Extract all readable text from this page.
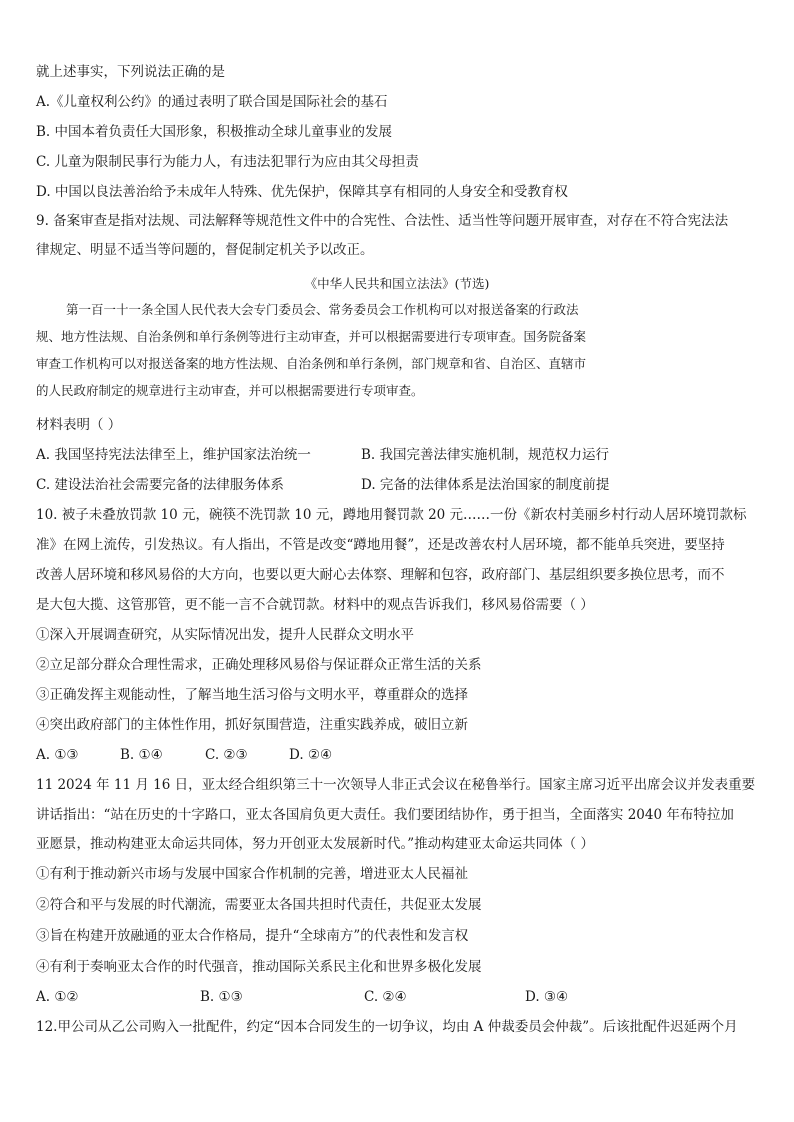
就上述事实，下列说法正确的是
A.《儿童权利公约》的通过表明了联合国是国际社会的基石
B. 中国本着负责任大国形象，积极推动全球儿童事业的发展
C. 儿童为限制民事行为能力人，有违法犯罪行为应由其父母担责
D. 中国以良法善治给予未成年人特殊、优先保护，保障其享有相同的人身安全和受教育权
9. 备案审查是指对法规、司法解释等规范性文件中的合宪性、合法性、适当性等问题开展审查，对存在不符合宪法法
律规定、明显不适当等问题的，督促制定机关予以改正。
《中华人民共和国立法法》(节选)
第一百一十一条全国人民代表大会专门委员会、常务委员会工作机构可以对报送备案的行政法
规、地方性法规、自治条例和单行条例等进行主动审查，并可以根据需要进行专项审查。国务院备案
审查工作机构可以对报送备案的地方性法规、自治条例和单行条例，部门规章和省、自治区、直辖市
的人民政府制定的规章进行主动审查，并可以根据需要进行专项审查。
材料表明（ ）
A. 我国坚持宪法法律至上，维护国家法治统一	B. 我国完善法律实施机制，规范权力运行
C. 建设法治社会需要完备的法律服务体系	D. 完备的法律体系是法治国家的制度前提
10. 被子未叠放罚款 10 元，碗筷不洗罚款 10 元，蹲地用餐罚款 20 元……一份《新农村美丽乡村行动人居环境罚款标
准》在网上流传，引发热议。有人指出，不管是改变“蹲地用餐”，还是改善农村人居环境，都不能单兵突进，要坚持
改善人居环境和移风易俗的大方向，也要以更大耐心去体察、理解和包容，政府部门、基层组织要多换位思考，而不
是大包大揽、这管那管，更不能一言不合就罚款。材料中的观点告诉我们，移风易俗需要（ ）
①深入开展调查研究，从实际情况出发，提升人民群众文明水平
②立足部分群众合理性需求，正确处理移风易俗与保证群众正常生活的关系
③正确发挥主观能动性，了解当地生活习俗与文明水平，尊重群众的选择
④突出政府部门的主体性作用，抓好氛围营造，注重实践养成，破旧立新
A. ①③	B. ①④	C. ②③	D. ②④
11 2024 年 11 月 16 日，亚太经合组织第三十一次领导人非正式会议在秘鲁举行。国家主席习近平出席会议并发表重要
讲话指出：“站在历史的十字路口，亚太各国肩负更大责任。我们要团结协作，勇于担当，全面落实 2040 年布特拉加
亚愿景，推动构建亚太命运共同体，努力开创亚太发展新时代。”推动构建亚太命运共同体（ ）
①有利于推动新兴市场与发展中国家合作机制的完善，增进亚太人民福祉
②符合和平与发展的时代潮流，需要亚太各国共担时代责任，共促亚太发展
③旨在构建开放融通的亚太合作格局，提升“全球南方”的代表性和发言权
④有利于奏响亚太合作的时代强音，推动国际关系民主化和世界多极化发展
A. ①②	B. ①③	C. ②④	D. ③④
12.甲公司从乙公司购入一批配件，约定“因本合同发生的一切争议，均由 A 仲裁委员会仲裁”。后该批配件迟延两个月
